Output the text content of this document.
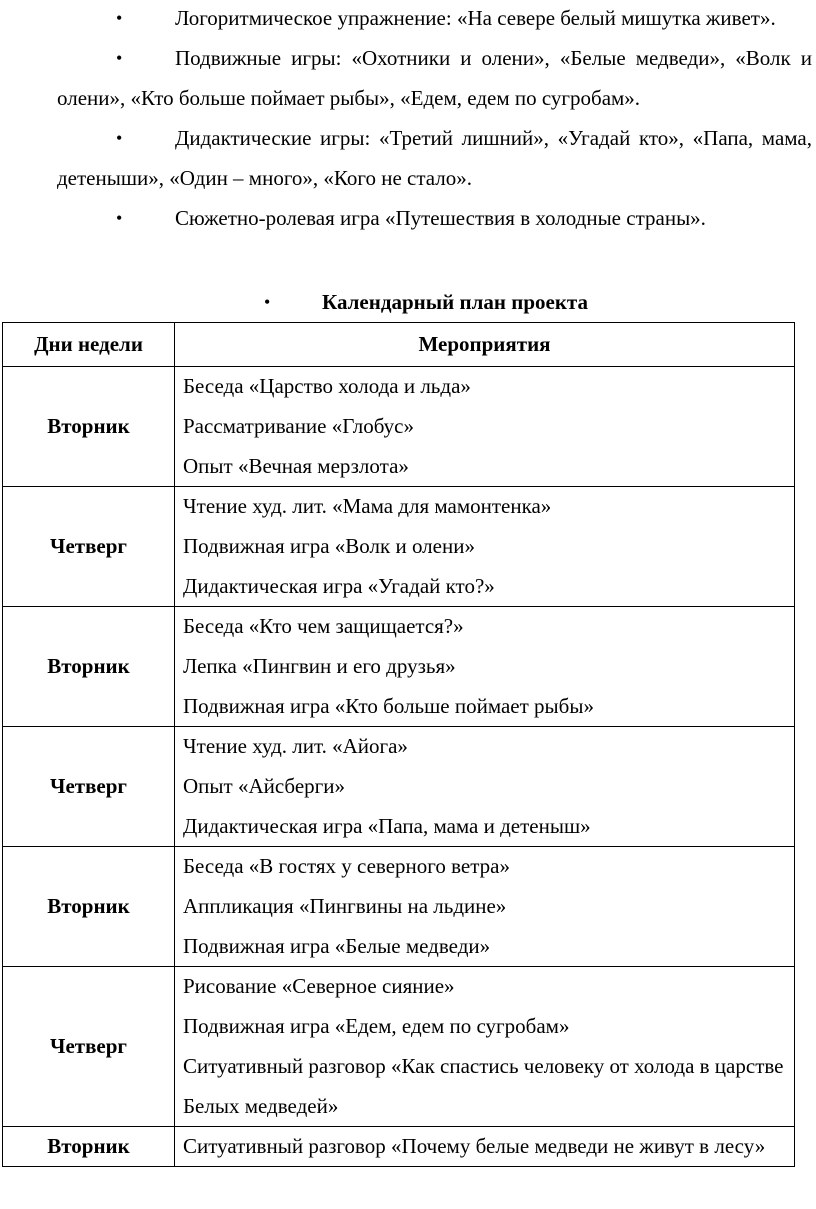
•	Логоритмическое упражнение: «На севере белый мишутка живет».
•	Подвижные игры: «Охотники и олени», «Белые медведи», «Волк и олени», «Кто больше поймает рыбы», «Едем, едем по сугробам».
•	Дидактические игры: «Третий лишний», «Угадай кто», «Папа, мама, детеныши», «Один – много», «Кого не стало».
•	Сюжетно-ролевая игра «Путешествия в холодные страны».
• Календарный план проекта
Дни недели	Мероприятия
Вторник	Беседа «Царство холода и льда»
Рассматривание «Глобус»
Опыт «Вечная мерзлота»

Четверг	Чтение худ. лит. «Мама для мамонтенка»
Подвижная игра «Волк и олени»
Дидактическая игра «Угадай кто?»

Вторник	Беседа «Кто чем защищается?»
Лепка «Пингвин и его друзья»
Подвижная игра «Кто больше поймает рыбы»

Четверг	Чтение худ. лит. «Айога»
Опыт «Айсберги»
Дидактическая игра «Папа, мама и детеныш»

Вторник	Беседа «В гостях у северного ветра»
Аппликация «Пингвины на льдине»
Подвижная игра «Белые медведи»

Четверг	Рисование «Северное сияние»
Подвижная игра «Едем, едем по сугробам»
Ситуативный разговор «Как спастись человеку от холода в царстве Белых медведей»

Вторник	Ситуативный разговор «Почему белые медведи не живут в лесу»
